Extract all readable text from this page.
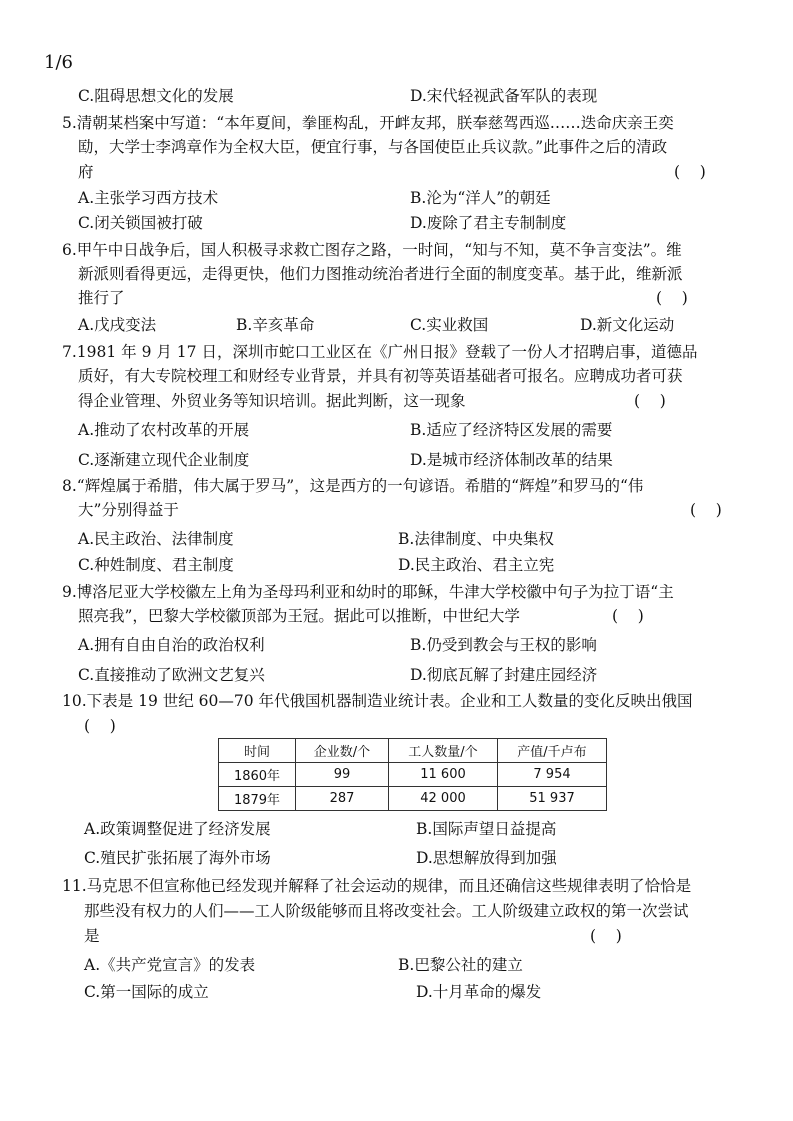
1/6
C.阻碍思想文化的发展	D.宋代轻视武备军队的表现
5.清朝某档案中写道：“本年夏间，拳匪构乱，开衅友邦，朕奉慈驾西巡……迭命庆亲王奕
劻，大学士李鸿章作为全权大臣，便宜行事，与各国使臣止兵议款。”此事件之后的清政
府	(    )
A.主张学习西方技术	B.沦为“洋人”的朝廷
C.闭关锁国被打破	D.废除了君主专制制度
6.甲午中日战争后，国人积极寻求救亡图存之路，一时间，“知与不知，莫不争言变法”。维
新派则看得更远，走得更快，他们力图推动统治者进行全面的制度变革。基于此，维新派
推行了	(    )
A.戊戌变法	B.辛亥革命	C.实业救国	D.新文化运动
7.1981 年 9 月 17 日，深圳市蛇口工业区在《广州日报》登载了一份人才招聘启事，道德品
质好，有大专院校理工和财经专业背景，并具有初等英语基础者可报名。应聘成功者可获
得企业管理、外贸业务等知识培训。据此判断，这一现象	(    )
A.推动了农村改革的开展	B.适应了经济特区发展的需要
C.逐渐建立现代企业制度	D.是城市经济体制改革的结果
8.“辉煌属于希腊，伟大属于罗马”，这是西方的一句谚语。希腊的“辉煌”和罗马的“伟
大”分别得益于	(    )
A.民主政治、法律制度	B.法律制度、中央集权
C.种姓制度、君主制度	D.民主政治、君主立宪
9.博洛尼亚大学校徽左上角为圣母玛利亚和幼时的耶稣，牛津大学校徽中句子为拉丁语“主
照亮我”，巴黎大学校徽顶部为王冠。据此可以推断，中世纪大学	(    )
A.拥有自由自治的政治权利	B.仍受到教会与王权的影响
C.直接推动了欧洲文艺复兴	D.彻底瓦解了封建庄园经济
10.下表是 19 世纪 60—70 年代俄国机器制造业统计表。企业和工人数量的变化反映出俄国
(    )
时间	企业数/个	工人数量/个	产值/千卢布
1860年	99	11 600	7 954
1879年	287	42 000	51 937
A.政策调整促进了经济发展	B.国际声望日益提高
C.殖民扩张拓展了海外市场	D.思想解放得到加强
11.马克思不但宣称他已经发现并解释了社会运动的规律，而且还确信这些规律表明了恰恰是
那些没有权力的人们——工人阶级能够而且将改变社会。工人阶级建立政权的第一次尝试
是	(    )
A.《共产党宣言》的发表	B.巴黎公社的建立
C.第一国际的成立	D.十月革命的爆发
